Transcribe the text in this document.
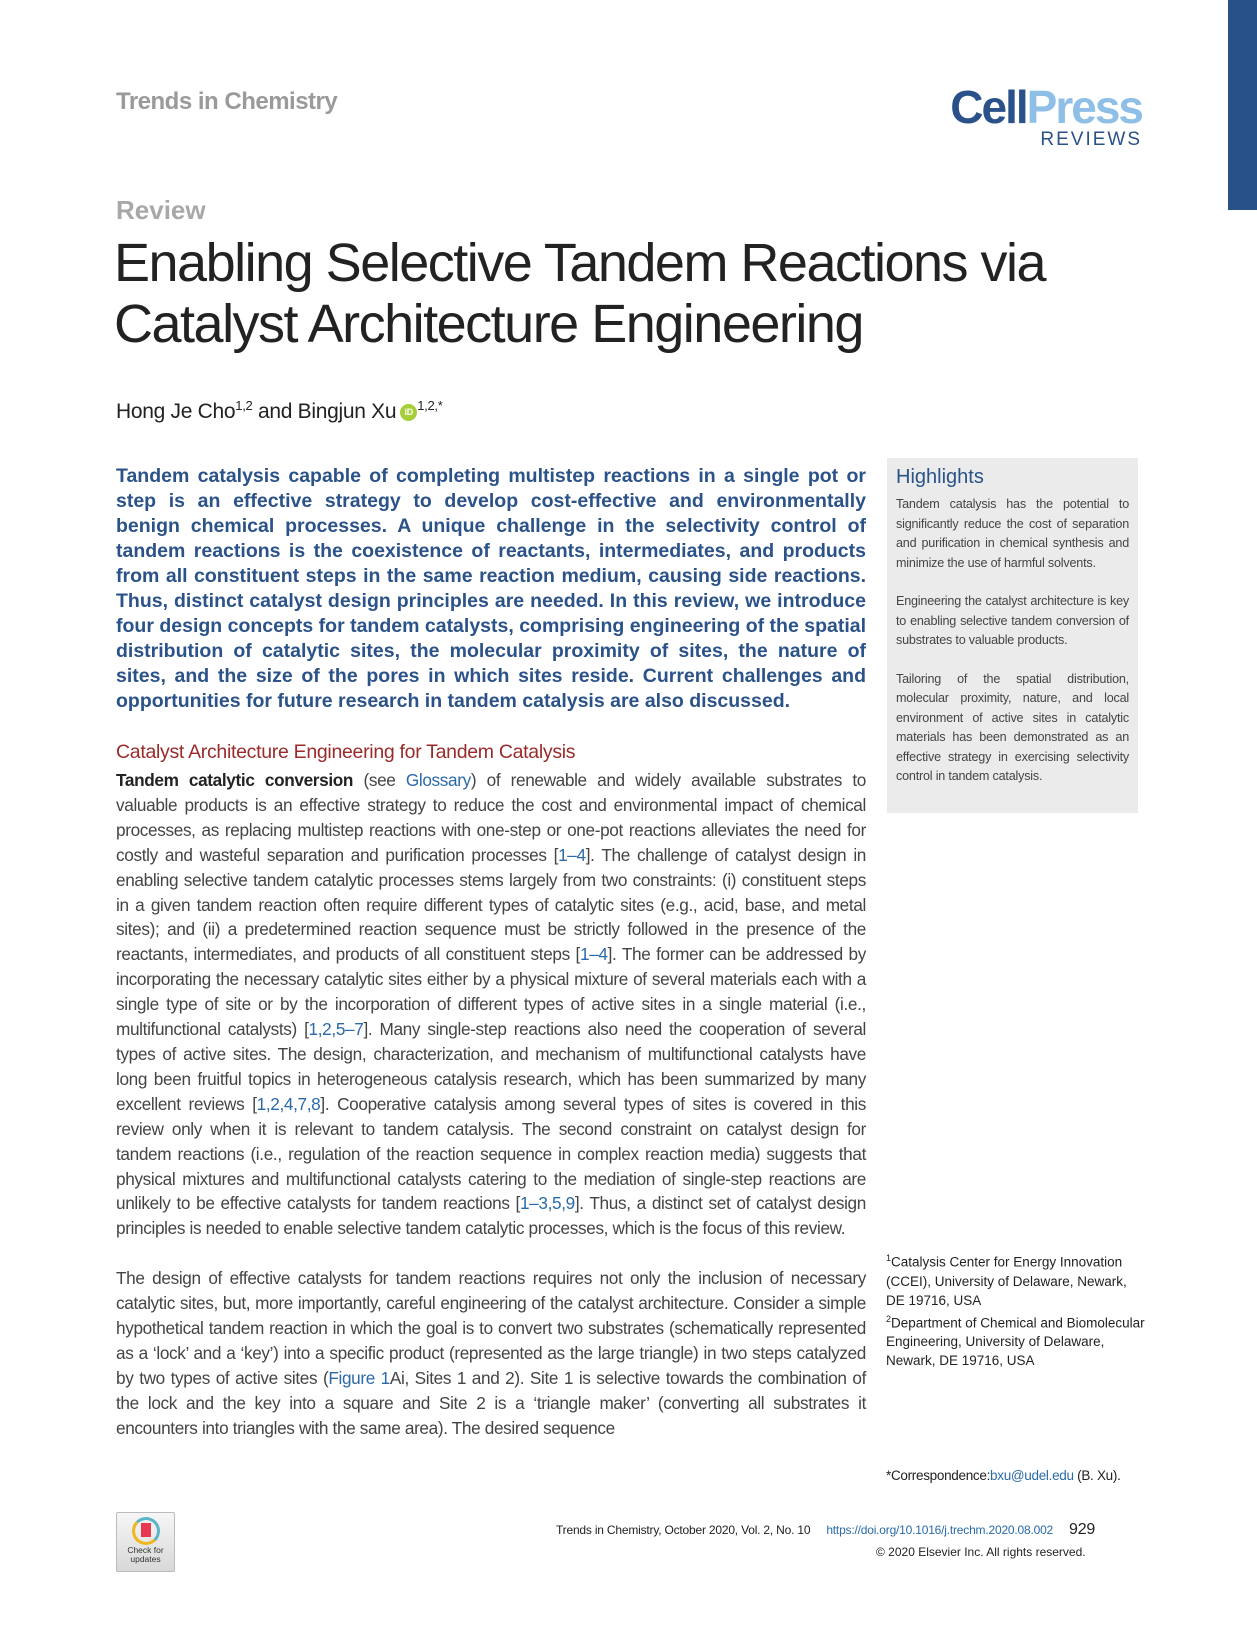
Trends in Chemistry	CellPress
REVIEWS
Review
Enabling Selective Tandem Reactions via
Catalyst Architecture Engineering
Hong Je Cho$^{1,2}$ and Bingjun Xu iD $^{1,2,*}$
Tandem catalysis capable of completing multistep reactions in a single pot or step is an effective strategy to develop cost-effective and environmentally benign chemical processes. A unique challenge in the selectivity control of tandem reactions is the coexistence of reactants, intermediates, and products from all constituent steps in the same reaction medium, causing side reactions. Thus, distinct catalyst design principles are needed. In this review, we introduce four design concepts for tandem catalysts, comprising engineering of the spatial distribution of catalytic sites, the molecular proximity of sites, the nature of sites, and the size of the pores in which sites reside. Current challenges and opportunities for future research in tandem catalysis are also discussed.
Highlights
Tandem catalysis has the potential to significantly reduce the cost of separation and purification in chemical synthesis and minimize the use of harmful solvents.
Engineering the catalyst architecture is key to enabling selective tandem conversion of substrates to valuable products.
Tailoring of the spatial distribution, molecular proximity, nature, and local environment of active sites in catalytic materials has been demonstrated as an effective strategy in exercising selectivity control in tandem catalysis.
Catalyst Architecture Engineering for Tandem Catalysis

Tandem catalytic conversion (see Glossary) of renewable and widely available substrates to valuable products is an effective strategy to reduce the cost and environmental impact of chemical processes, as replacing multistep reactions with one-step or one-pot reactions alleviates the need for costly and wasteful separation and purification processes [1–4]. The challenge of catalyst design in enabling selective tandem catalytic processes stems largely from two constraints: (i) constituent steps in a given tandem reaction often require different types of catalytic sites (e.g., acid, base, and metal sites); and (ii) a predetermined reaction sequence must be strictly followed in the presence of the reactants, intermediates, and products of all constituent steps [1–4]. The former can be addressed by incorporating the necessary catalytic sites either by a physical mixture of several materials each with a single type of site or by the incorporation of different types of active sites in a single material (i.e., multifunctional catalysts) [1,2,5–7]. Many single-step reactions also need the cooperation of several types of active sites. The design, characterization, and mechanism of multifunctional catalysts have long been fruitful topics in heterogeneous catalysis research, which has been summarized by many excellent reviews [1,2,4,7,8]. Cooperative catalysis among several types of sites is covered in this review only when it is relevant to tandem catalysis. The second constraint on catalyst design for tandem reactions (i.e., regulation of the reaction sequence in complex reaction media) suggests that physical mixtures and multifunctional catalysts catering to the mediation of single-step reactions are unlikely to be effective catalysts for tandem reactions [1–3,5,9]. Thus, a distinct set of catalyst design principles is needed to enable selective tandem catalytic processes, which is the focus of this review.

The design of effective catalysts for tandem reactions requires not only the inclusion of necessary catalytic sites, but, more importantly, careful engineering of the catalyst architecture. Consider a simple hypothetical tandem reaction in which the goal is to convert two substrates (schematically represented as a ‘lock’ and a ‘key’) into a specific product (represented as the large triangle) in two steps catalyzed by two types of active sites (Figure 1Ai, Sites 1 and 2). Site 1 is selective towards the combination of the lock and the key into a square and Site 2 is a ‘triangle maker’ (converting all substrates it encounters into triangles with the same area). The desired sequence

$^1$Catalysis Center for Energy Innovation (CCEI), University of Delaware, Newark, DE 19716, USA
$^2$Department of Chemical and Biomolecular Engineering, University of Delaware, Newark, DE 19716, USA
*Correspondence:bxu@udel.edu (B. Xu).
Check for
updates
Trends in Chemistry, October 2020, Vol. 2, No. 10 https://doi.org/10.1016/j.trechm.2020.08.002 929
© 2020 Elsevier Inc. All rights reserved.
